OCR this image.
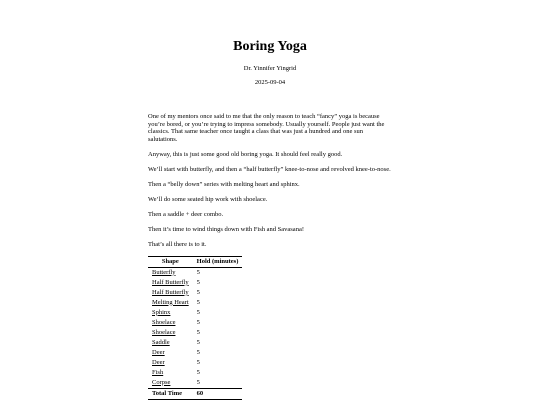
Boring Yoga
Dr. Yinnifer Yingrid
2025-09-04

One of my mentors once said to me that the only reason to teach “fancy” yoga is because you’re bored, or you’re trying to impress somebody. Usually yourself. People just want the classics. That same teacher once taught a class that was just a hundred and one sun salutations.

Anyway, this is just some good old boring yoga. It should feel really good.

We’ll start with butterfly, and then a “half butterfly” knee-to-nose and revolved knee-to-nose.

Then a “belly down” series with melting heart and sphinx.

We’ll do some seated hip work with shoelace.

Then a saddle + deer combo.

Then it’s time to wind things down with Fish and Savasana!

That’s all there is to it.

Shape	Hold (minutes)
Butterfly	5
Half Butterfly	5
Half Butterfly	5
Melting Heart	5
Sphinx	5
Shoelace	5
Shoelace	5
Saddle	5
Deer	5
Deer	5
Fish	5
Corpse	5
Total Time	60
